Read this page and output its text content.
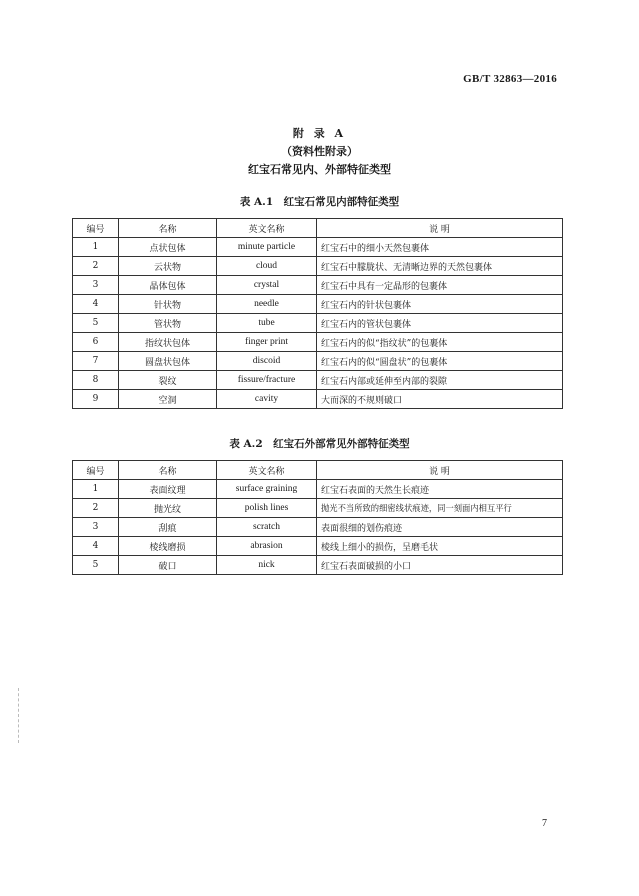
GB/T 32863—2016
附 录 A
（资料性附录）
红宝石常见内、外部特征类型
表 A.1　红宝石常见内部特征类型
编号	名称	英文名称	说 明
1	点状包体	minute particle	红宝石中的细小天然包裹体
2	云状物	cloud	红宝石中朦胧状、无清晰边界的天然包裹体
3	晶体包体	crystal	红宝石中具有一定晶形的包裹体
4	针状物	needle	红宝石内的针状包裹体
5	管状物	tube	红宝石内的管状包裹体
6	指纹状包体	finger print	红宝石内的似“指纹状”的包裹体
7	圆盘状包体	discoid	红宝石内的似“圆盘状”的包裹体
8	裂纹	fissure/fracture	红宝石内部或延伸至内部的裂隙
9	空洞	cavity	大而深的不规则破口
表 A.2　红宝石外部常见外部特征类型
编号	名称	英文名称	说 明
1	表面纹理	surface graining	红宝石表面的天然生长痕迹
2	抛光纹	polish lines	抛光不当所致的细密线状痕迹，同一刻面内相互平行
3	刮痕	scratch	表面很细的划伤痕迹
4	棱线磨损	abrasion	棱线上细小的损伤，呈磨毛状
5	破口	nick	红宝石表面破损的小口
7
